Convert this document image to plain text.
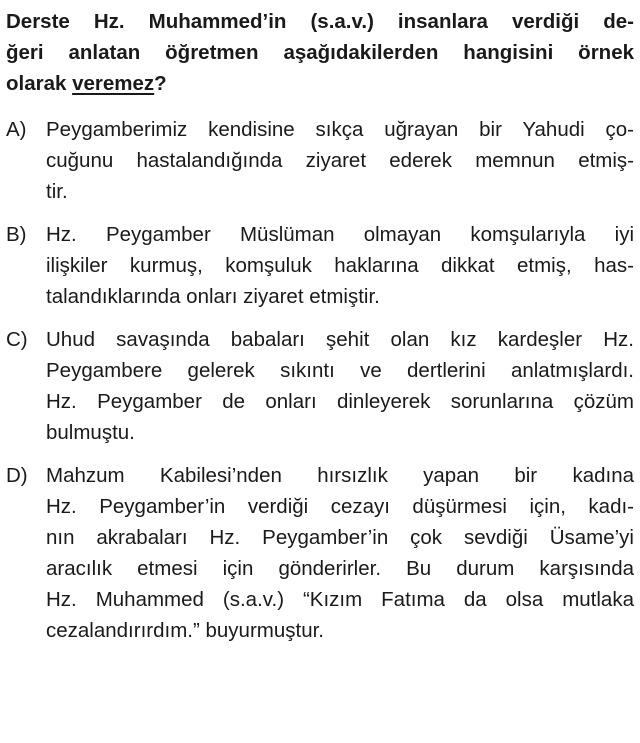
Derste Hz. Muhammed’in (s.a.v.) insanlara verdiği de-
ğeri anlatan öğretmen aşağıdakilerden hangisini örnek
olarak veremez?
A) Peygamberimiz kendisine sıkça uğrayan bir Yahudi ço-
cuğunu hastalandığında ziyaret ederek memnun etmiş-
tir.
B) Hz. Peygamber Müslüman olmayan komşularıyla iyi
ilişkiler kurmuş, komşuluk haklarına dikkat etmiş, has-
talandıklarında onları ziyaret etmiştir.
C) Uhud savaşında babaları şehit olan kız kardeşler Hz.
Peygambere gelerek sıkıntı ve dertlerini anlatmışlardı.
Hz. Peygamber de onları dinleyerek sorunlarına çözüm
bulmuştu.
D) Mahzum Kabilesi’nden hırsızlık yapan bir kadına
Hz. Peygamber’in verdiği cezayı düşürmesi için, kadı-
nın akrabaları Hz. Peygamber’in çok sevdiği Üsame’yi
aracılık etmesi için gönderirler. Bu durum karşısında
Hz. Muhammed (s.a.v.) “Kızım Fatıma da olsa mutlaka
cezalandırırdım.” buyurmuştur.
